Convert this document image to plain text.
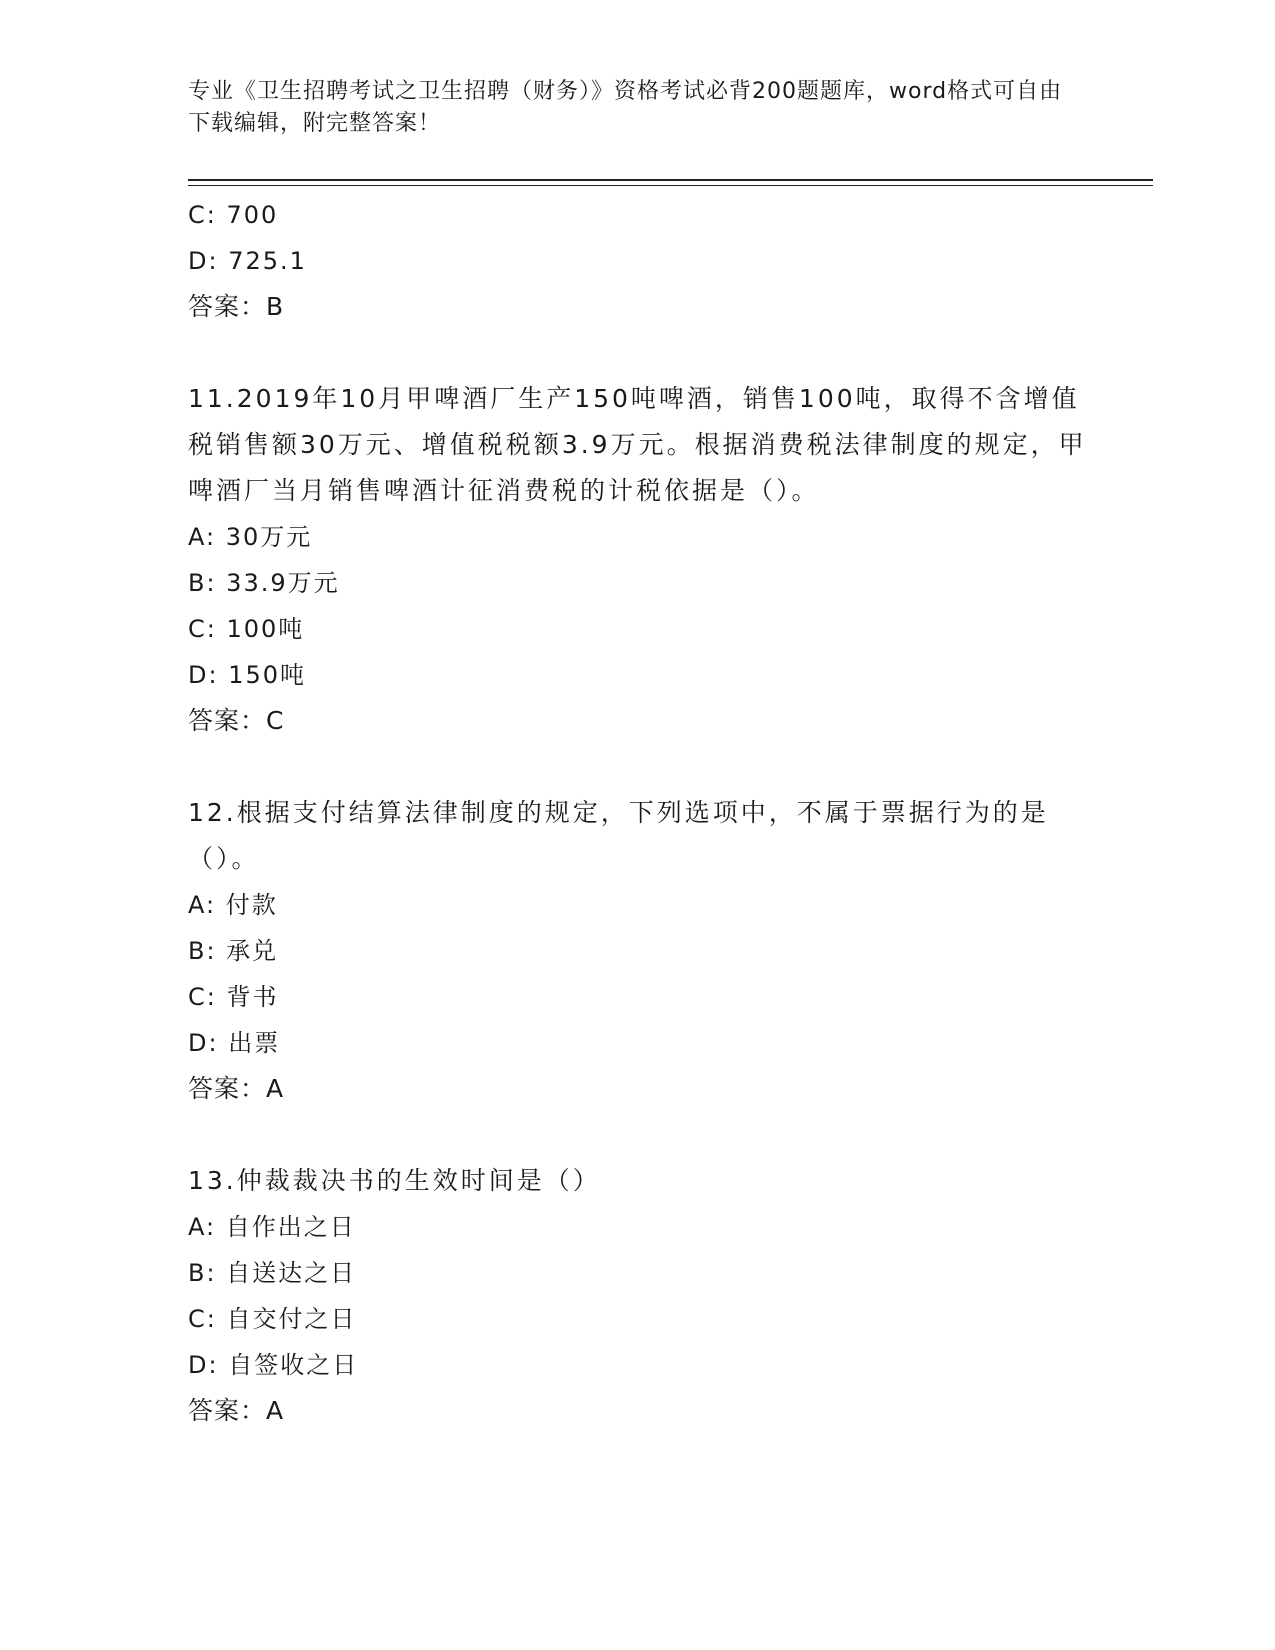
专业《卫生招聘考试之卫生招聘（财务）》资格考试必背200题题库，word格式可自由下载编辑，附完整答案！
C: 700
D: 725.1
答案：B
11.2019年10月甲啤酒厂生产150吨啤酒，销售100吨，取得不含增值税销售额30万元、增值税税额3.9万元。根据消费税法律制度的规定，甲啤酒厂当月销售啤酒计征消费税的计税依据是（）。
A: 30万元
B: 33.9万元
C: 100吨
D: 150吨
答案：C
12.根据支付结算法律制度的规定，下列选项中，不属于票据行为的是（）。
A: 付款
B: 承兑
C: 背书
D: 出票
答案：A
13.仲裁裁决书的生效时间是（）
A: 自作出之日
B: 自送达之日
C: 自交付之日
D: 自签收之日
答案：A
